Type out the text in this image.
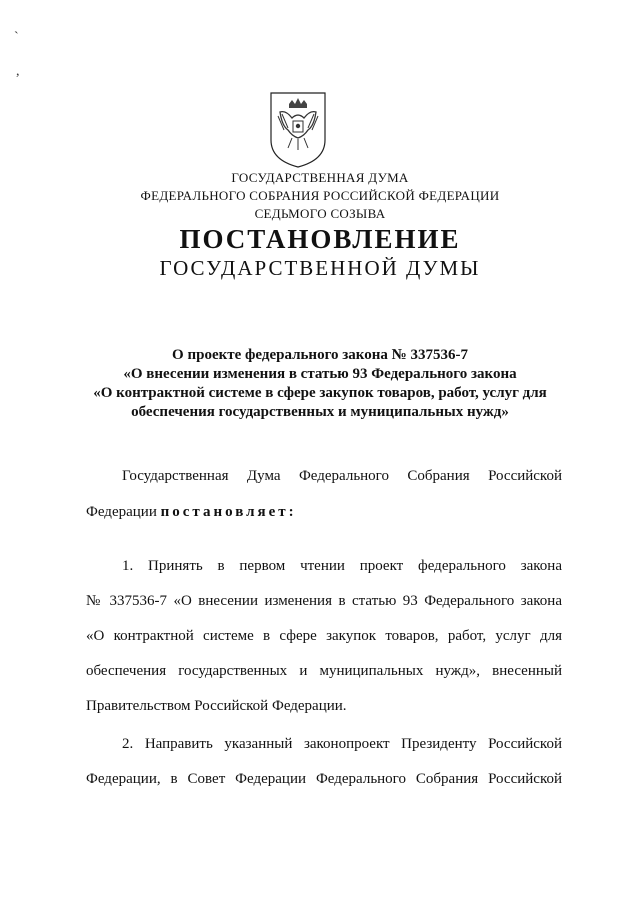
`
,
ГОСУДАРСТВЕННАЯ ДУМА
ФЕДЕРАЛЬНОГО СОБРАНИЯ РОССИЙСКОЙ ФЕДЕРАЦИИ
СЕДЬМОГО СОЗЫВА
ПОСТАНОВЛЕНИЕ
ГОСУДАРСТВЕННОЙ ДУМЫ
О проекте федерального закона № 337536-7
«О внесении изменения в статью 93 Федерального закона
«О контрактной системе в сфере закупок товаров, работ, услуг для
обеспечения государственных и муниципальных нужд»
Государственная Дума Федерального Собрания Российской
Федерации постановляет:
1. Принять в первом чтении проект федерального закона
№ 337536-7 «О внесении изменения в статью 93 Федерального закона
«О контрактной системе в сфере закупок товаров, работ, услуг для
обеспечения государственных и муниципальных нужд», внесенный
Правительством Российской Федерации.
2. Направить указанный законопроект Президенту Российской
Федерации, в Совет Федерации Федерального Собрания Российской
